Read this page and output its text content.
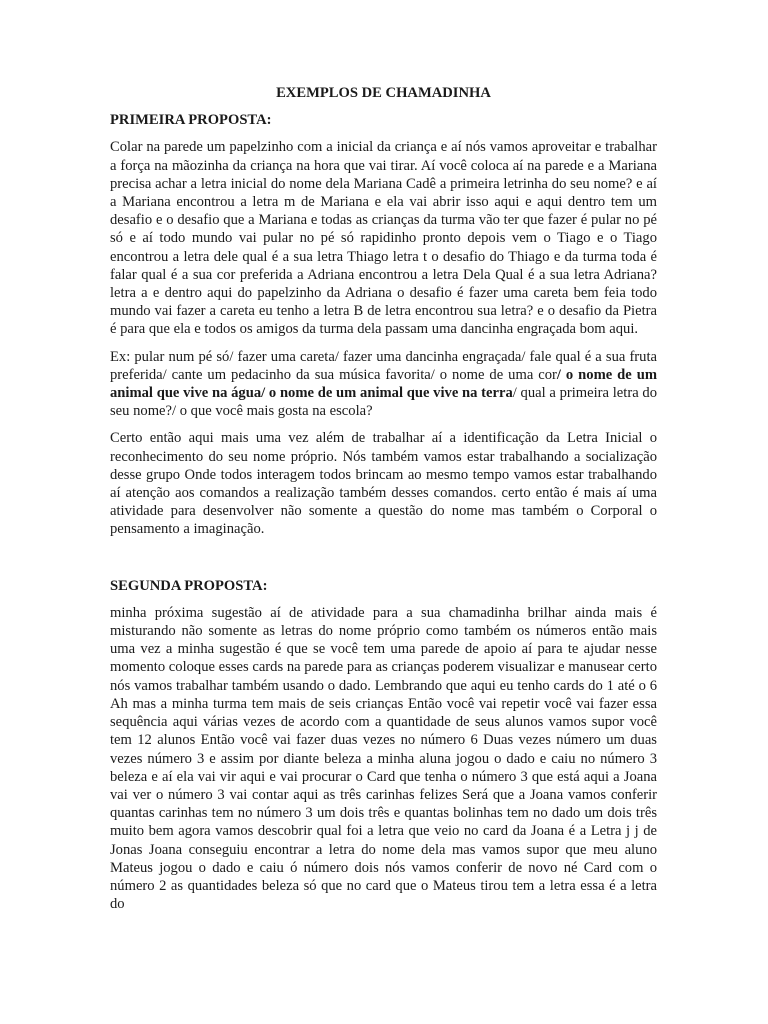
EXEMPLOS DE CHAMADINHA
PRIMEIRA PROPOSTA:

Colar na parede um papelzinho com a inicial da criança e aí nós vamos aproveitar e trabalhar a força na mãozinha da criança na hora que vai tirar. Aí você coloca aí na parede e a Mariana precisa achar a letra inicial do nome dela Mariana Cadê a primeira letrinha do seu nome? e aí a Mariana encontrou a letra m de Mariana e ela vai abrir isso aqui e aqui dentro tem um desafio e o desafio que a Mariana e todas as crianças da turma vão ter que fazer é pular no pé só e aí todo mundo vai pular no pé só rapidinho pronto depois vem o Tiago e o Tiago encontrou a letra dele qual é a sua letra Thiago letra t o desafio do Thiago e da turma toda é falar qual é a sua cor preferida a Adriana encontrou a letra Dela Qual é a sua letra Adriana? letra a e dentro aqui do papelzinho da Adriana o desafio é fazer uma careta bem feia todo mundo vai fazer a careta eu tenho a letra B de letra encontrou sua letra? e o desafio da Pietra é para que ela e todos os amigos da turma dela passam uma dancinha engraçada bom aqui.

Ex: pular num pé só/ fazer uma careta/ fazer uma dancinha engraçada/ fale qual é a sua fruta preferida/ cante um pedacinho da sua música favorita/ o nome de uma cor/ o nome de um animal que vive na água/ o nome de um animal que vive na terra/ qual a primeira letra do seu nome?/ o que você mais gosta na escola?

Certo então aqui mais uma vez além de trabalhar aí a identificação da Letra Inicial o reconhecimento do seu nome próprio. Nós também vamos estar trabalhando a socialização desse grupo Onde todos interagem todos brincam ao mesmo tempo vamos estar trabalhando aí atenção aos comandos a realização também desses comandos. certo então é mais aí uma atividade para desenvolver não somente a questão do nome mas também o Corporal o pensamento a imaginação.

SEGUNDA PROPOSTA:

minha próxima sugestão aí de atividade para a sua chamadinha brilhar ainda mais é misturando não somente as letras do nome próprio como também os números então mais uma vez a minha sugestão é que se você tem uma parede de apoio aí para te ajudar nesse momento coloque esses cards na parede para as crianças poderem visualizar e manusear certo nós vamos trabalhar também usando o dado. Lembrando que aqui eu tenho cards do 1 até o 6 Ah mas a minha turma tem mais de seis crianças Então você vai repetir você vai fazer essa sequência aqui várias vezes de acordo com a quantidade de seus alunos vamos supor você tem 12 alunos Então você vai fazer duas vezes no número 6 Duas vezes número um duas vezes número 3 e assim por diante beleza a minha aluna jogou o dado e caiu no número 3 beleza e aí ela vai vir aqui e vai procurar o Card que tenha o número 3 que está aqui a Joana vai ver o número 3 vai contar aqui as três carinhas felizes Será que a Joana vamos conferir quantas carinhas tem no número 3 um dois três e quantas bolinhas tem no dado um dois três muito bem agora vamos descobrir qual foi a letra que veio no card da Joana é a Letra j j de Jonas Joana conseguiu encontrar a letra do nome dela mas vamos supor que meu aluno Mateus jogou o dado e caiu ó número dois nós vamos conferir de novo né Card com o número 2 as quantidades beleza só que no card que o Mateus tirou tem a letra essa é a letra do
